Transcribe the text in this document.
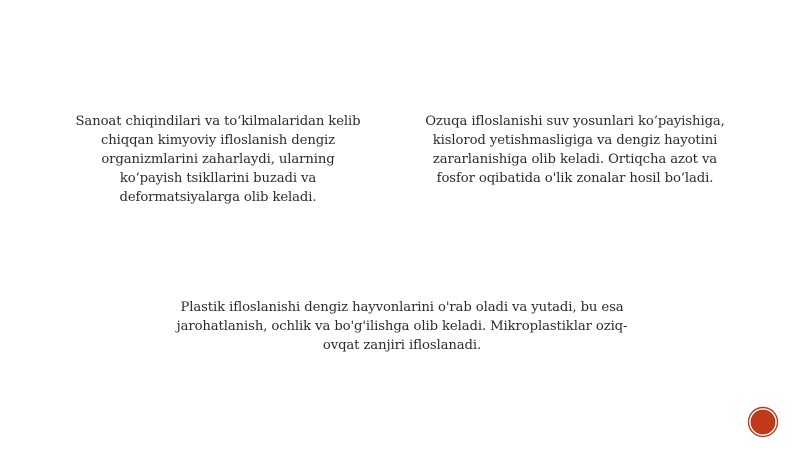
Sanoat chiqindilari va to‘kilmalaridan kelib
chiqqan kimyoviy ifloslanish dengiz
organizmlarini zaharlaydi, ularning
ko‘payish tsikllarini buzadi va
deformatsiyalarga olib keladi.
Ozuqa ifloslanishi suv yosunlari ko‘payishiga,
kislorod yetishmasligiga va dengiz hayotini
zararlanishiga olib keladi. Ortiqcha azot va
fosfor oqibatida o'lik zonalar hosil bo‘ladi.
Plastik ifloslanishi dengiz hayvonlarini o'rab oladi va yutadi, bu esa
jarohatlanish, ochlik va bo'g'ilishga olib keladi. Mikroplastiklar oziq-
ovqat zanjiri ifloslanadi.
